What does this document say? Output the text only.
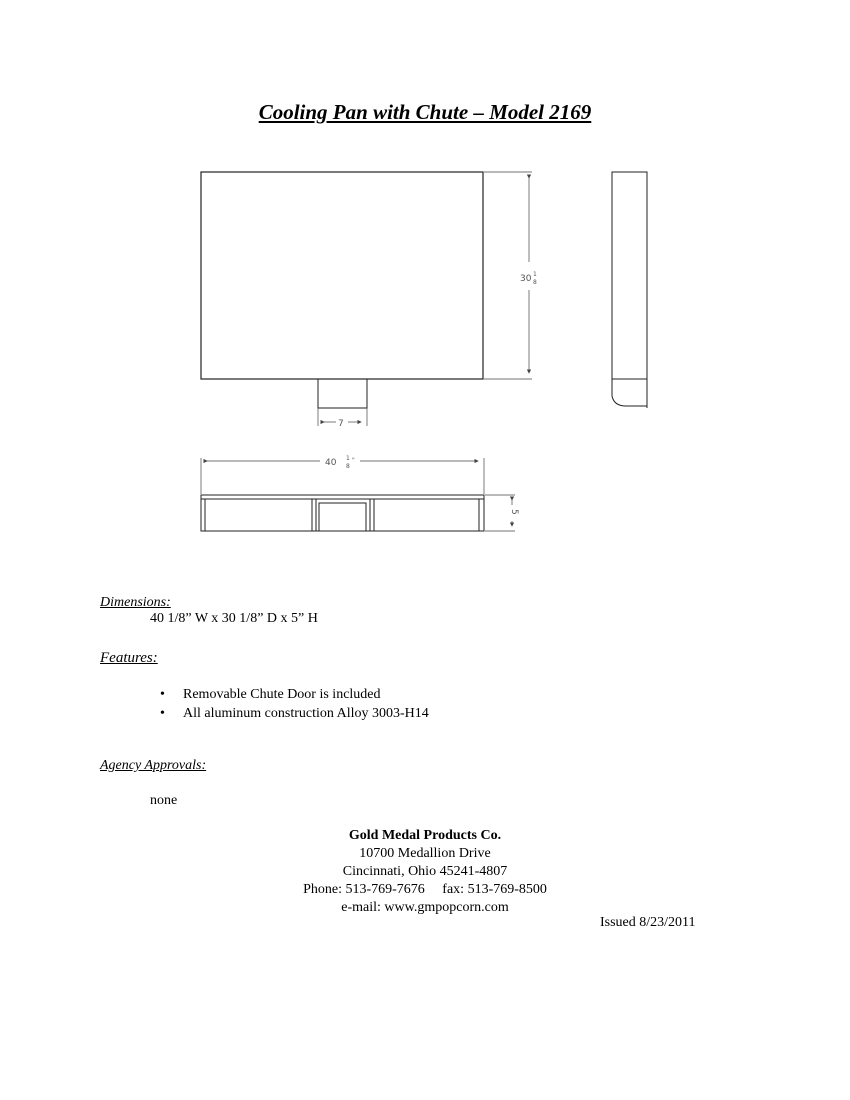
Cooling Pan with Chute – Model 2169
30 1
8
7
40 1
8
"
5
Dimensions:
40 1/8” W x 30 1/8” D x 5” H
Features:
• Removable Chute Door is included
• All aluminum construction Alloy 3003-H14
Agency Approvals:
none
Gold Medal Products Co.
10700 Medallion Drive
Cincinnati, Ohio 45241-4807
Phone: 513-769-7676     fax: 513-769-8500
e-mail: www.gmpopcorn.com
Issued 8/23/2011
